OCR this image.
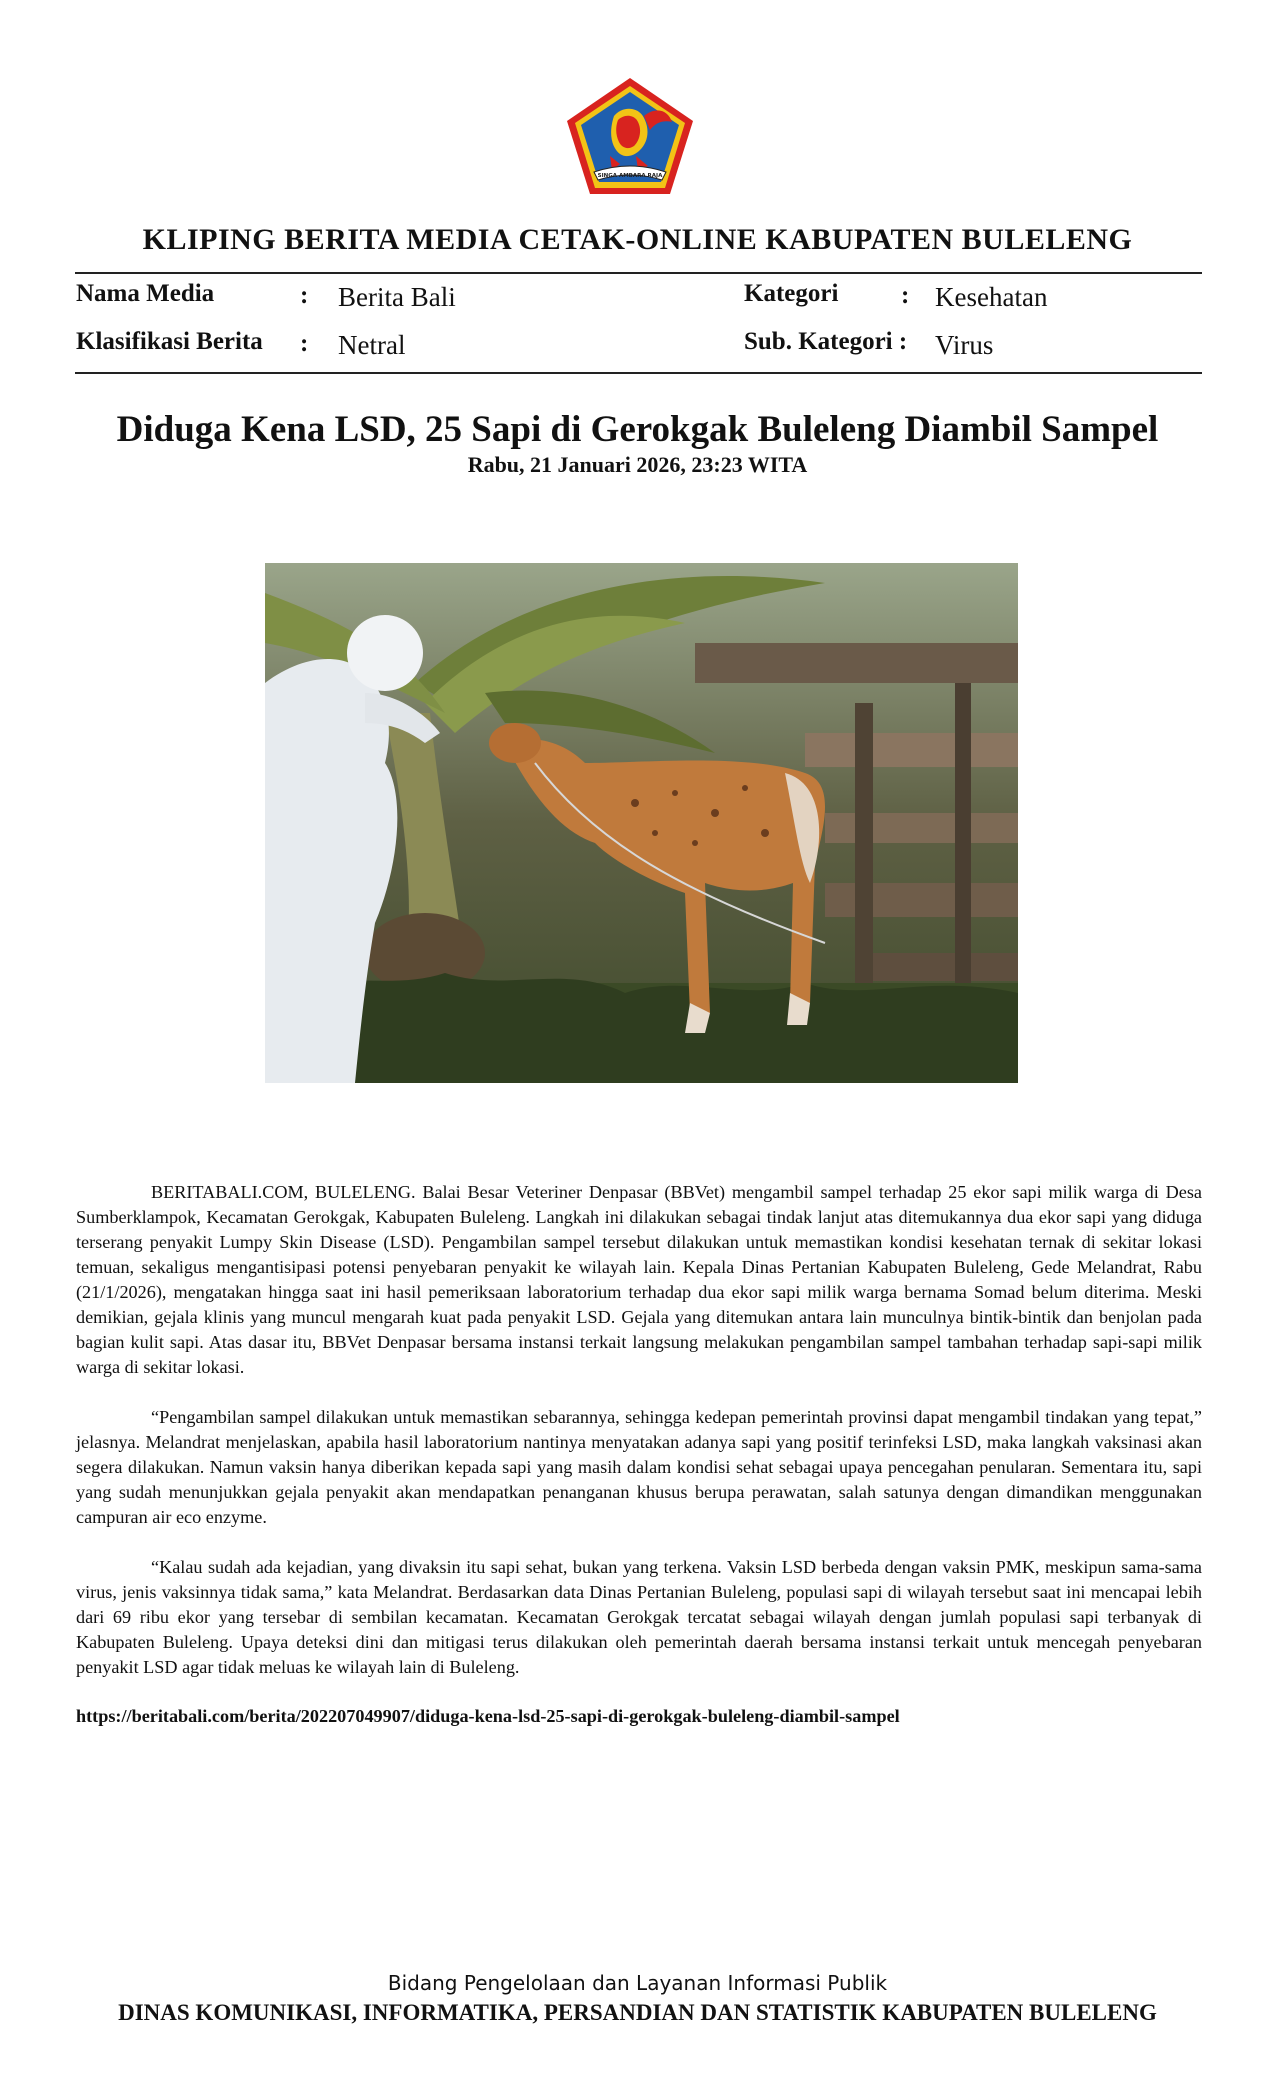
SINGA AMBARA RAJA
KLIPING BERITA MEDIA CETAK-ONLINE KABUPATEN BULELENG
Nama Media	: Berita Bali	Kategori	: Kesehatan
Klasifikasi Berita : Netral	Sub. Kategori : Virus
Diduga Kena LSD, 25 Sapi di Gerokgak Buleleng Diambil Sampel
Rabu, 21 Januari 2026, 23:23 WITA

BERITABALI.COM, BULELENG. Balai Besar Veteriner Denpasar (BBVet) mengambil sampel terhadap 25 ekor sapi milik warga di Desa Sumberklampok, Kecamatan Gerokgak, Kabupaten Buleleng. Langkah ini dilakukan sebagai tindak lanjut atas ditemukannya dua ekor sapi yang diduga terserang penyakit Lumpy Skin Disease (LSD). Pengambilan sampel tersebut dilakukan untuk memastikan kondisi kesehatan ternak di sekitar lokasi temuan, sekaligus mengantisipasi potensi penyebaran penyakit ke wilayah lain. Kepala Dinas Pertanian Kabupaten Buleleng, Gede Melandrat, Rabu (21/1/2026), mengatakan hingga saat ini hasil pemeriksaan laboratorium terhadap dua ekor sapi milik warga bernama Somad belum diterima. Meski demikian, gejala klinis yang muncul mengarah kuat pada penyakit LSD. Gejala yang ditemukan antara lain munculnya bintik-bintik dan benjolan pada bagian kulit sapi. Atas dasar itu, BBVet Denpasar bersama instansi terkait langsung melakukan pengambilan sampel tambahan terhadap sapi-sapi milik warga di sekitar lokasi.

“Pengambilan sampel dilakukan untuk memastikan sebarannya, sehingga kedepan pemerintah provinsi dapat mengambil tindakan yang tepat,” jelasnya. Melandrat menjelaskan, apabila hasil laboratorium nantinya menyatakan adanya sapi yang positif terinfeksi LSD, maka langkah vaksinasi akan segera dilakukan. Namun vaksin hanya diberikan kepada sapi yang masih dalam kondisi sehat sebagai upaya pencegahan penularan. Sementara itu, sapi yang sudah menunjukkan gejala penyakit akan mendapatkan penanganan khusus berupa perawatan, salah satunya dengan dimandikan menggunakan campuran air eco enzyme.

“Kalau sudah ada kejadian, yang divaksin itu sapi sehat, bukan yang terkena. Vaksin LSD berbeda dengan vaksin PMK, meskipun sama-sama virus, jenis vaksinnya tidak sama,” kata Melandrat. Berdasarkan data Dinas Pertanian Buleleng, populasi sapi di wilayah tersebut saat ini mencapai lebih dari 69 ribu ekor yang tersebar di sembilan kecamatan. Kecamatan Gerokgak tercatat sebagai wilayah dengan jumlah populasi sapi terbanyak di Kabupaten Buleleng. Upaya deteksi dini dan mitigasi terus dilakukan oleh pemerintah daerah bersama instansi terkait untuk mencegah penyebaran penyakit LSD agar tidak meluas ke wilayah lain di Buleleng.

https://beritabali.com/berita/202207049907/diduga-kena-lsd-25-sapi-di-gerokgak-buleleng-diambil-sampel
Bidang Pengelolaan dan Layanan Informasi Publik
DINAS KOMUNIKASI, INFORMATIKA, PERSANDIAN DAN STATISTIK KABUPATEN BULELENG
